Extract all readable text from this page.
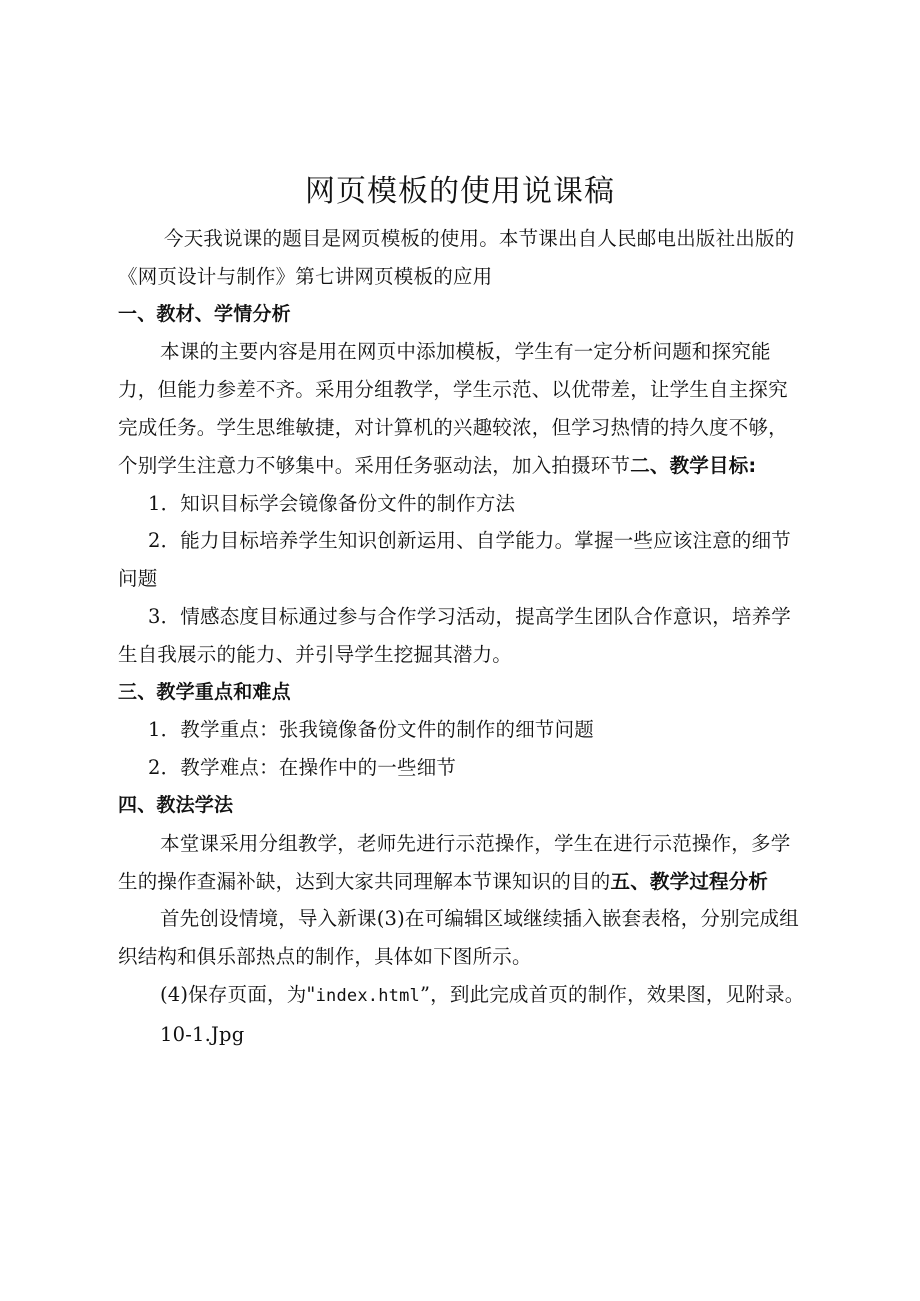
网页模板的使用说课稿

今天我说课的题目是网页模板的使用。本节课出自人民邮电出版社出版的《网页设计与制作》第七讲网页模板的应用

一、教材、学情分析

本课的主要内容是用在网页中添加模板，学生有一定分析问题和探究能力，但能力参差不齐。采用分组教学，学生示范、以优带差，让学生自主探究完成任务。学生思维敏捷，对计算机的兴趣较浓，但学习热情的持久度不够，个别学生注意力不够集中。采用任务驱动法，加入拍摄环节二、教学目标:

1．知识目标学会镜像备份文件的制作方法

2．能力目标培养学生知识创新运用、自学能力。掌握一些应该注意的细节问题

3．情感态度目标通过参与合作学习活动，提高学生团队合作意识，培养学生自我展示的能力、并引导学生挖掘其潜力。

三、教学重点和难点

1．教学重点：张我镜像备份文件的制作的细节问题

2．教学难点：在操作中的一些细节

四、教法学法

本堂课采用分组教学，老师先进行示范操作，学生在进行示范操作，多学生的操作查漏补缺，达到大家共同理解本节课知识的目的五、教学过程分析

首先创设情境，导入新课(3)在可编辑区域继续插入嵌套表格，分别完成组织结构和俱乐部热点的制作，具体如下图所示。

(4)保存页面，为"index.html”，到此完成首页的制作，效果图，见附录。

10-1.Jpg
